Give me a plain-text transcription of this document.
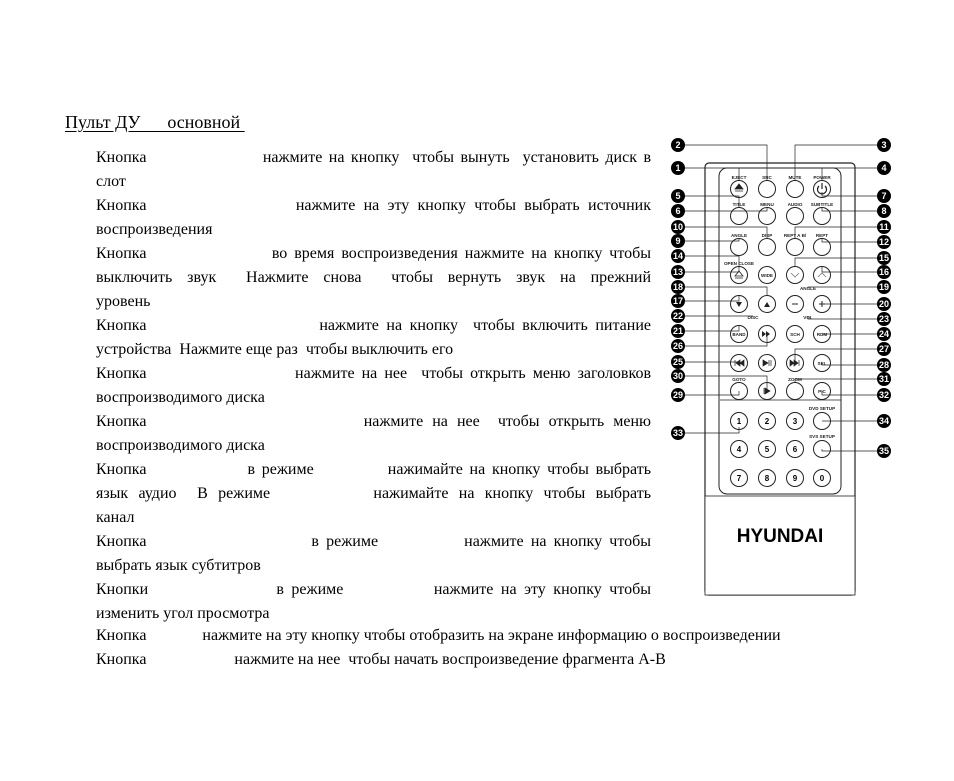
Пульт ДУ      основной
Кнопка                  нажмите на кнопку  чтобы вынуть  установить диск в
слот
Кнопка                  нажмите на эту кнопку чтобы выбрать источник
воспроизведения
Кнопка                  во время воспроизведения нажмите на кнопку чтобы
выключить звук  Нажмите снова  чтобы вернуть звук на прежний
уровень
Кнопка                       нажмите на кнопку  чтобы включить питание
устройства  Нажмите еще раз  чтобы выключить его
Кнопка                     нажмите на нее  чтобы открыть меню заголовков
воспроизводимого диска
Кнопка                        нажмите на нее  чтобы открыть меню
воспроизводимого диска
Кнопка               в режиме           нажимайте на кнопку чтобы выбрать
язык аудио  В режиме          нажимайте на кнопку чтобы выбрать
канал
Кнопка                       в режиме            нажмите на кнопку чтобы
выбрать язык субтитров
Кнопки                 в режиме            нажмите на эту кнопку чтобы
изменить угол просмотра
Кнопка              нажмите на эту кнопку чтобы отобразить на экране информацию о воспроизведении
Кнопка                      нажмите на нее  чтобы начать воспроизведение фрагмента A-B
HYUNDAI
EJECT	SRC	MUTE	POWER
TITLE	MENU	AUDIO SUBTITLE
ANGLE	DISP REPT A B/ REPT
OPEN CLOSE
WIDE
ANGLE
DISC	VOL
BAND	SCH	RDM
SEL
GOTO	ZOOM
PIC
1	2	3
4	5	6
7	8	9	0
DVD SETUP
SVS SETUP
1
2	3
4
5
6
7
8
9
10	11
12
13
14	15
16
17
18	19
20
21
22	23
24
25
26	27
28
29
30	31
32
33
34
35
